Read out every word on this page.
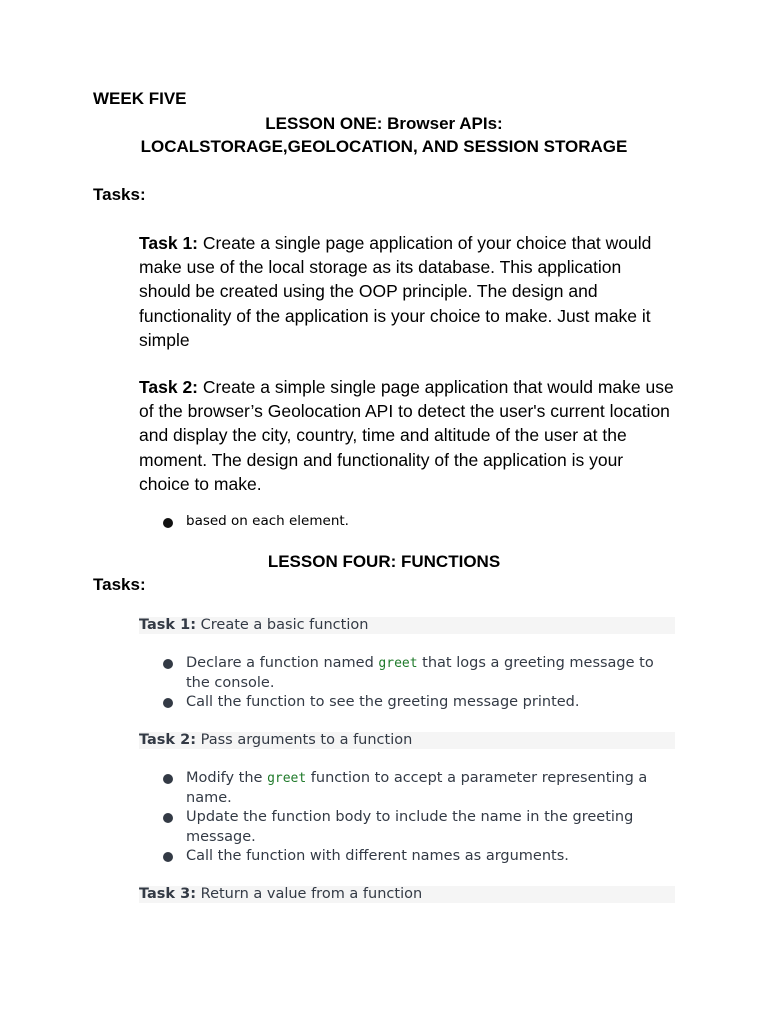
WEEK FIVE
LESSON ONE: Browser APIs:
LOCALSTORAGE,GEOLOCATION, AND SESSION STORAGE
Tasks:
Task 1: Create a single page application of your choice that would make use of the local storage as its database. This application should be created using the OOP principle. The design and functionality of the application is your choice to make. Just make it simple
Task 2: Create a simple single page application that would make use of the browser’s Geolocation API to detect the user's current location and display the city, country, time and altitude of the user at the moment. The design and functionality of the application is your choice to make.
based on each element.
LESSON FOUR: FUNCTIONS
Tasks:
Task 1: Create a basic function
Declare a function named greet that logs a greeting message to the console.
Call the function to see the greeting message printed.
Task 2: Pass arguments to a function
Modify the greet function to accept a parameter representing a name.
Update the function body to include the name in the greeting message.
Call the function with different names as arguments.
Task 3: Return a value from a function
